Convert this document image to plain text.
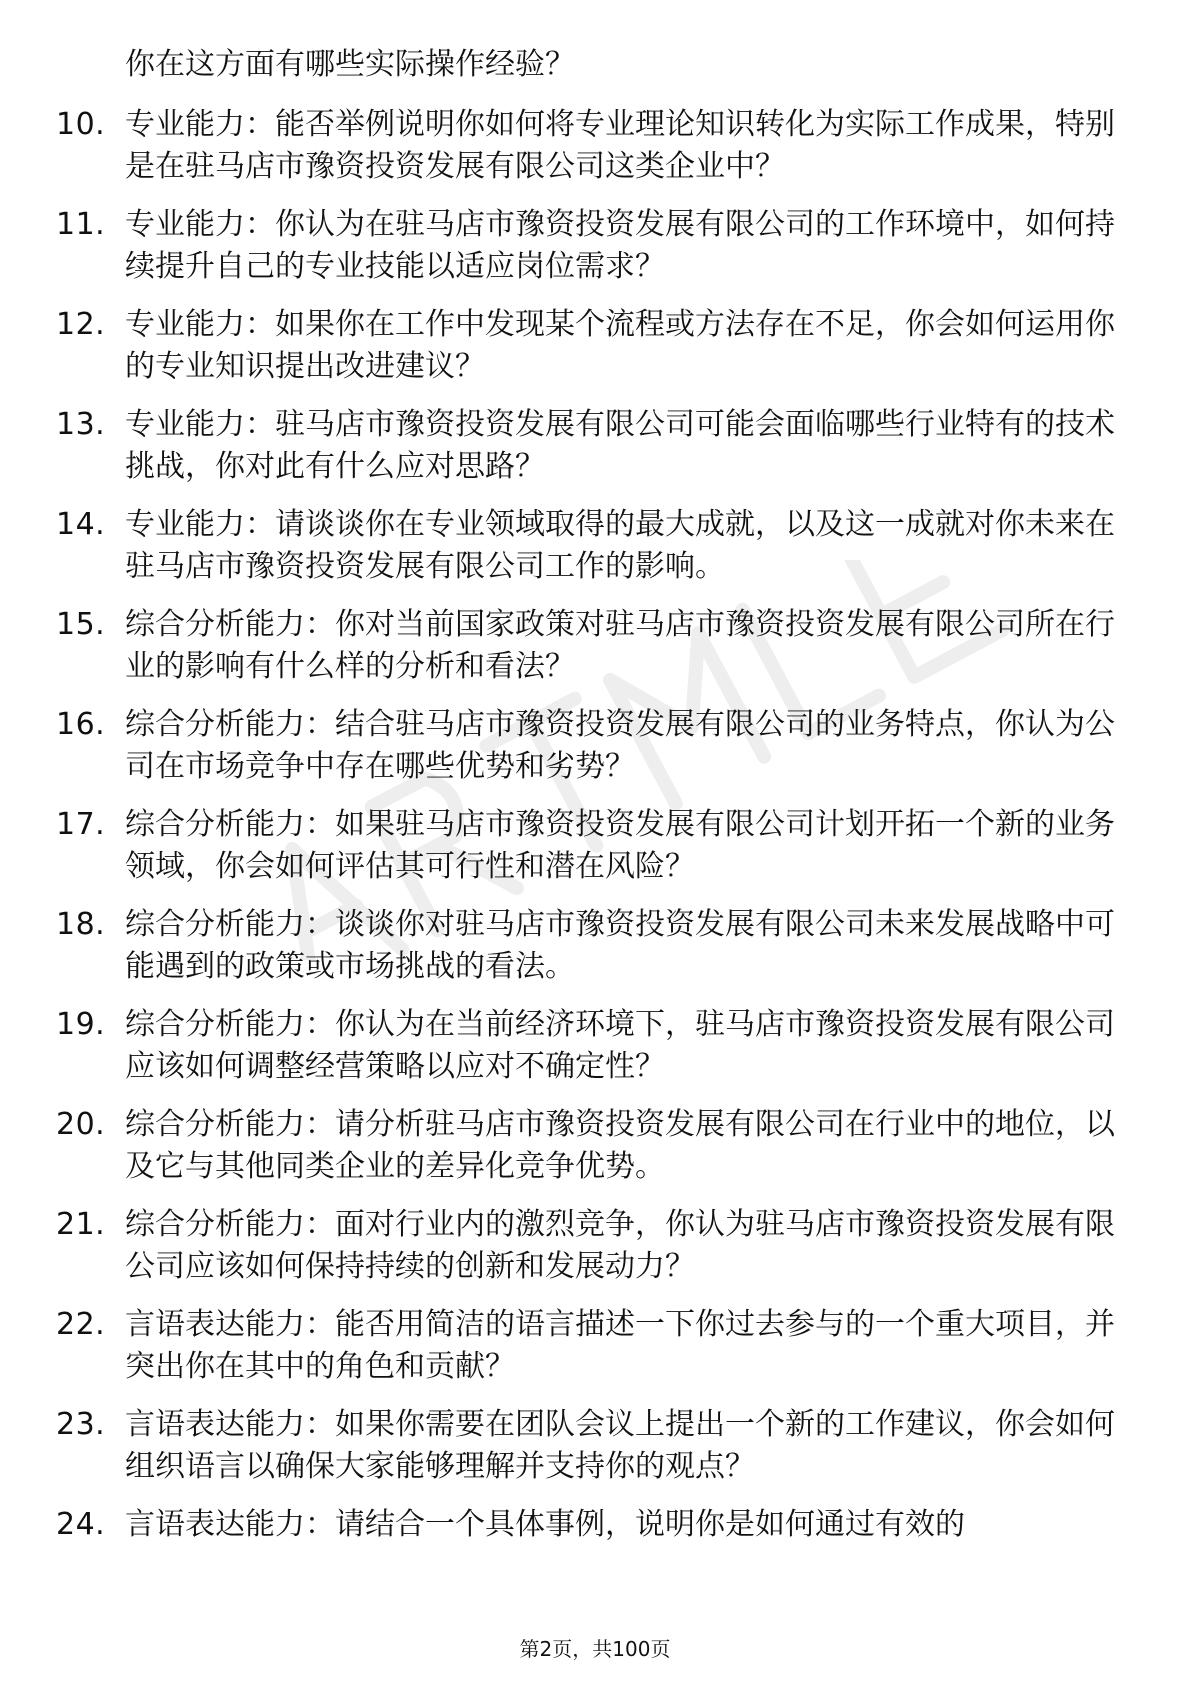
你在这方面有哪些实际操作经验？
10. 专业能力：能否举例说明你如何将专业理论知识转化为实际工作成果，特别是在驻马店市豫资投资发展有限公司这类企业中？
11. 专业能力：你认为在驻马店市豫资投资发展有限公司的工作环境中，如何持续提升自己的专业技能以适应岗位需求？
12. 专业能力：如果你在工作中发现某个流程或方法存在不足，你会如何运用你的专业知识提出改进建议？
13. 专业能力：驻马店市豫资投资发展有限公司可能会面临哪些行业特有的技术挑战，你对此有什么应对思路？
14. 专业能力：请谈谈你在专业领域取得的最大成就，以及这一成就对你未来在驻马店市豫资投资发展有限公司工作的影响。
15. 综合分析能力：你对当前国家政策对驻马店市豫资投资发展有限公司所在行业的影响有什么样的分析和看法？
16. 综合分析能力：结合驻马店市豫资投资发展有限公司的业务特点，你认为公司在市场竞争中存在哪些优势和劣势？
17. 综合分析能力：如果驻马店市豫资投资发展有限公司计划开拓一个新的业务领域，你会如何评估其可行性和潜在风险？
18. 综合分析能力：谈谈你对驻马店市豫资投资发展有限公司未来发展战略中可能遇到的政策或市场挑战的看法。
19. 综合分析能力：你认为在当前经济环境下，驻马店市豫资投资发展有限公司应该如何调整经营策略以应对不确定性？
20. 综合分析能力：请分析驻马店市豫资投资发展有限公司在行业中的地位，以及它与其他同类企业的差异化竞争优势。
21. 综合分析能力：面对行业内的激烈竞争，你认为驻马店市豫资投资发展有限公司应该如何保持持续的创新和发展动力？
22. 言语表达能力：能否用简洁的语言描述一下你过去参与的一个重大项目，并突出你在其中的角色和贡献？
23. 言语表达能力：如果你需要在团队会议上提出一个新的工作建议，你会如何组织语言以确保大家能够理解并支持你的观点？
24. 言语表达能力：请结合一个具体事例，说明你是如何通过有效的
第2页，共100页
